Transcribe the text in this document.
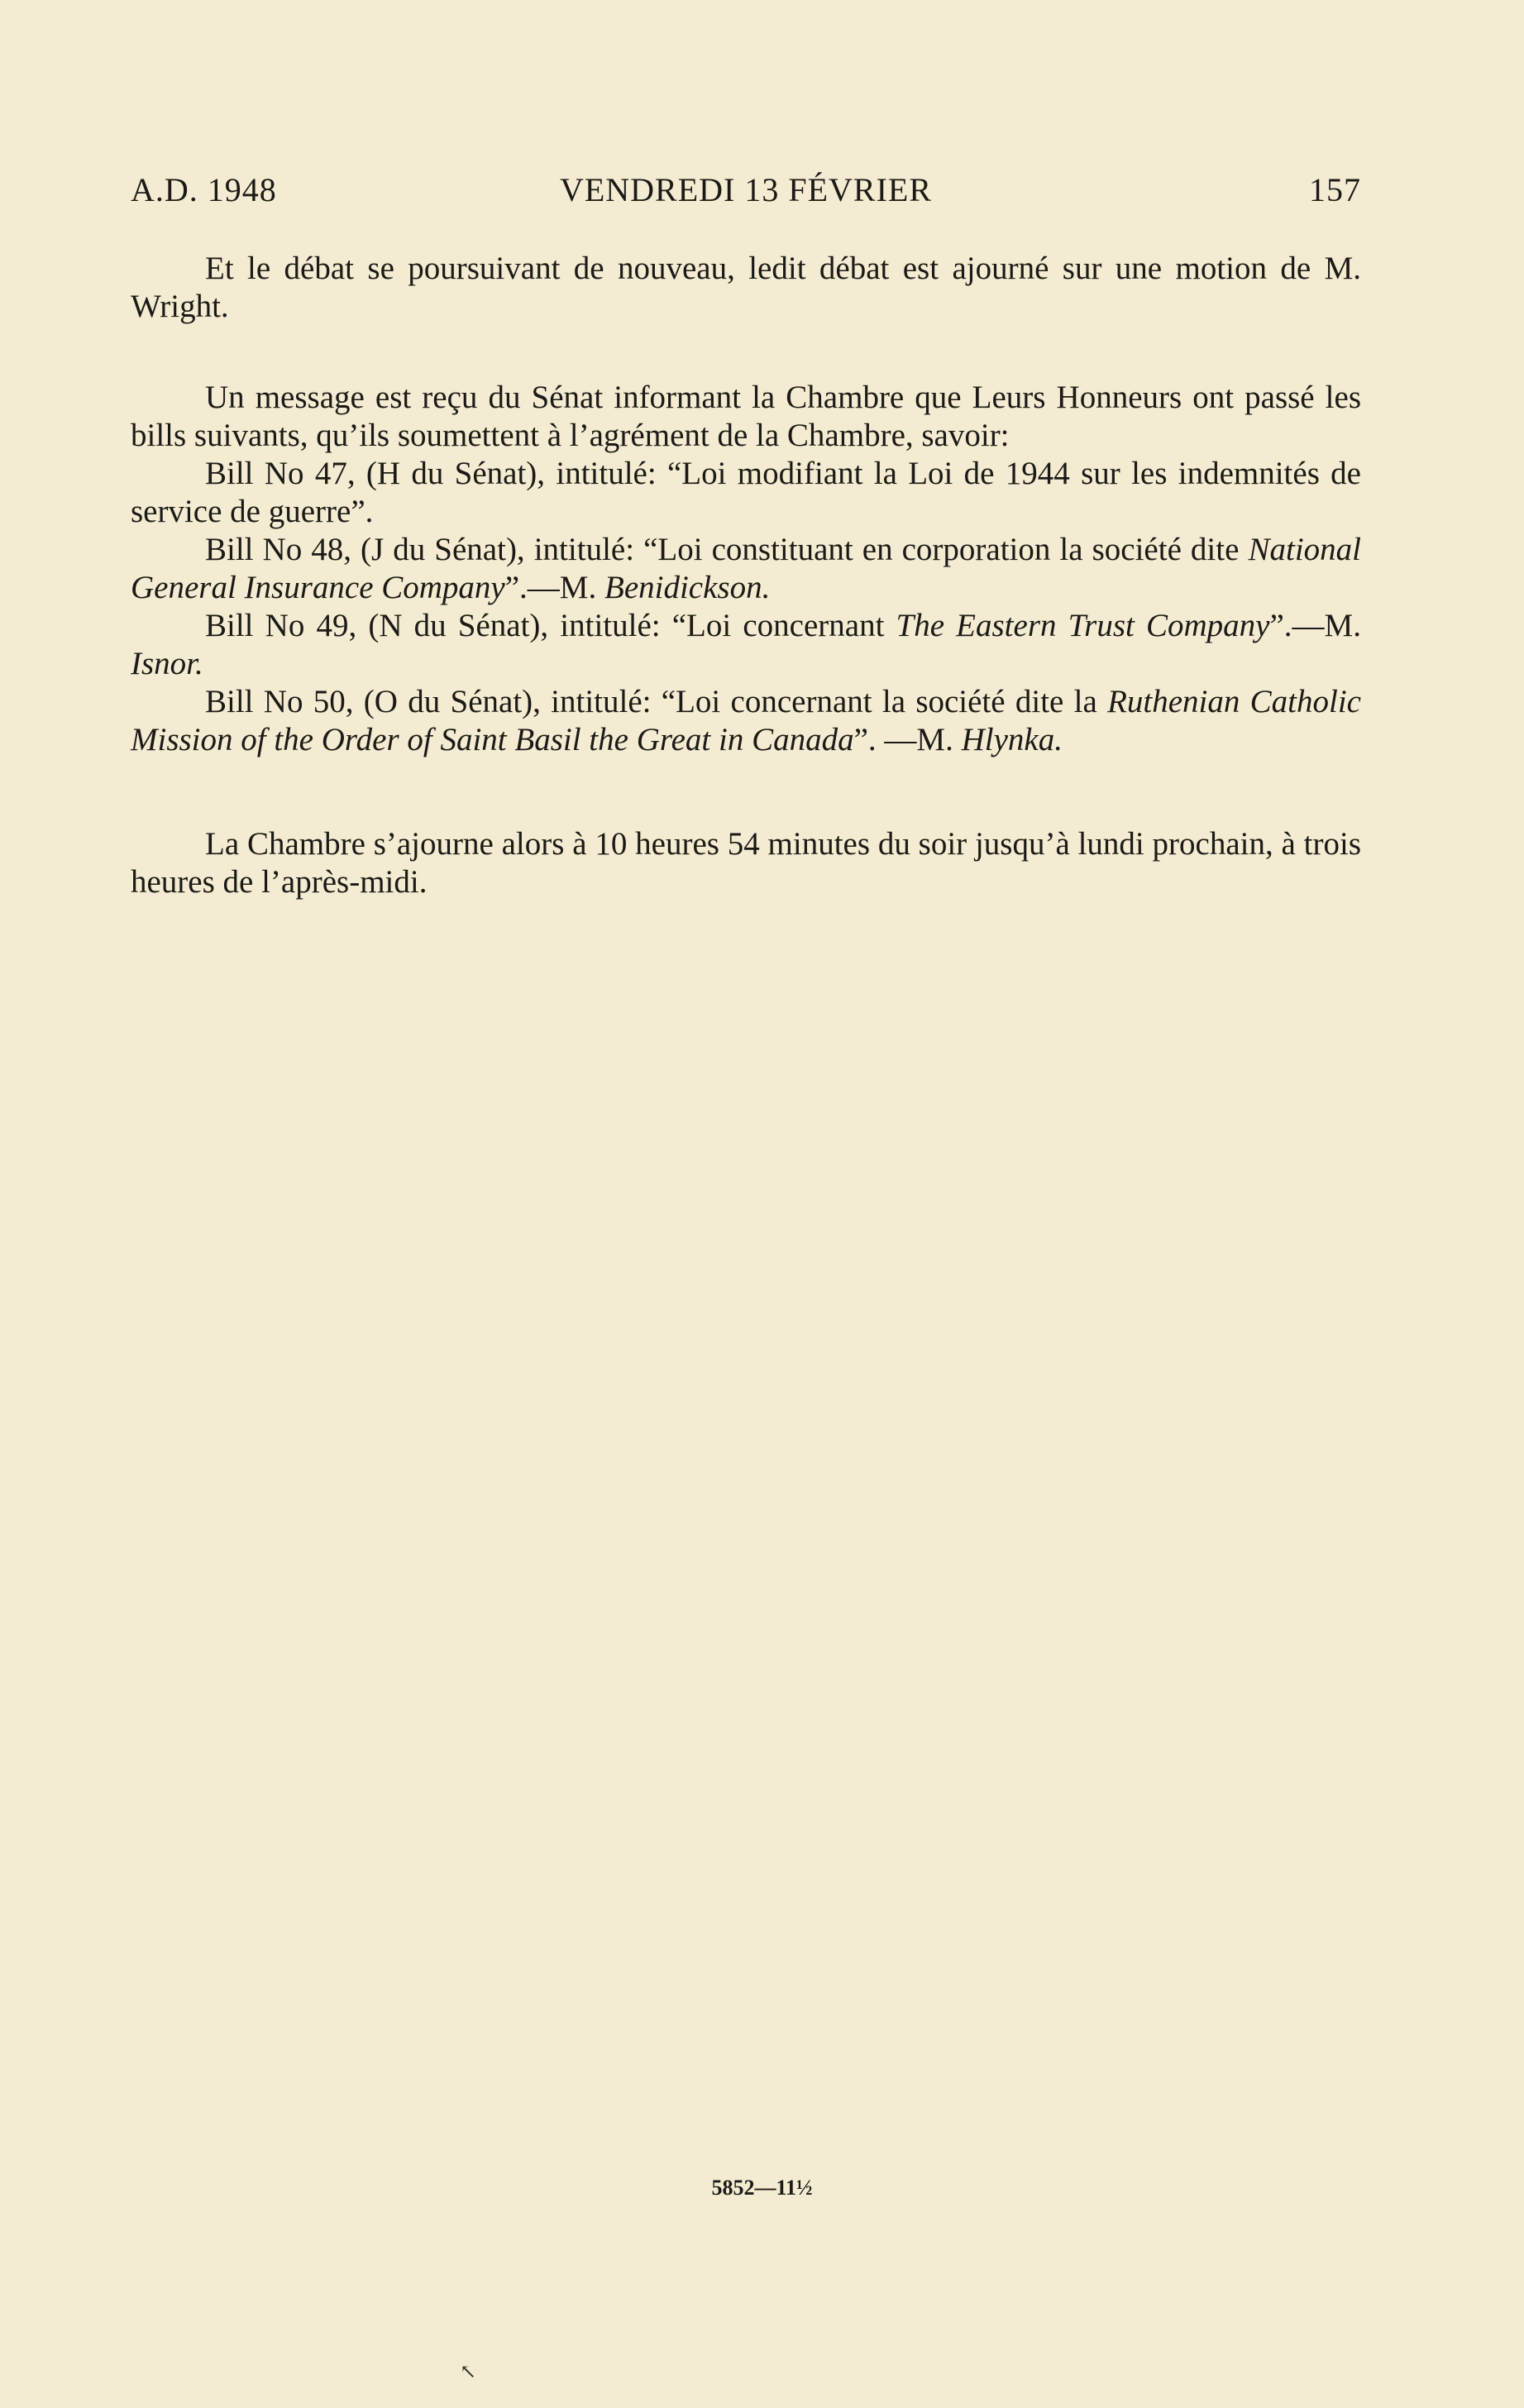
A.D. 1948	VENDREDI 13 FÉVRIER	157

Et le débat se poursuivant de nouveau, ledit débat est ajourné sur une motion de M. Wright.

Un message est reçu du Sénat informant la Chambre que Leurs Honneurs ont passé les bills suivants, qu’ils soumettent à l’agrément de la Chambre, savoir:

Bill No 47, (H du Sénat), intitulé: “Loi modifiant la Loi de 1944 sur les indemnités de service de guerre”.

Bill No 48, (J du Sénat), intitulé: “Loi constituant en corporation la société dite National General Insurance Company”.—M. Benidickson.

Bill No 49, (N du Sénat), intitulé: “Loi concernant The Eastern Trust Company”.—M. Isnor.

Bill No 50, (O du Sénat), intitulé: “Loi concernant la société dite la Ruthenian Catholic Mission of the Order of Saint Basil the Great in Canada”. —M. Hlynka.

La Chambre s’ajourne alors à 10 heures 54 minutes du soir jusqu’à lundi prochain, à trois heures de l’après-midi.

5852—11½
↖
